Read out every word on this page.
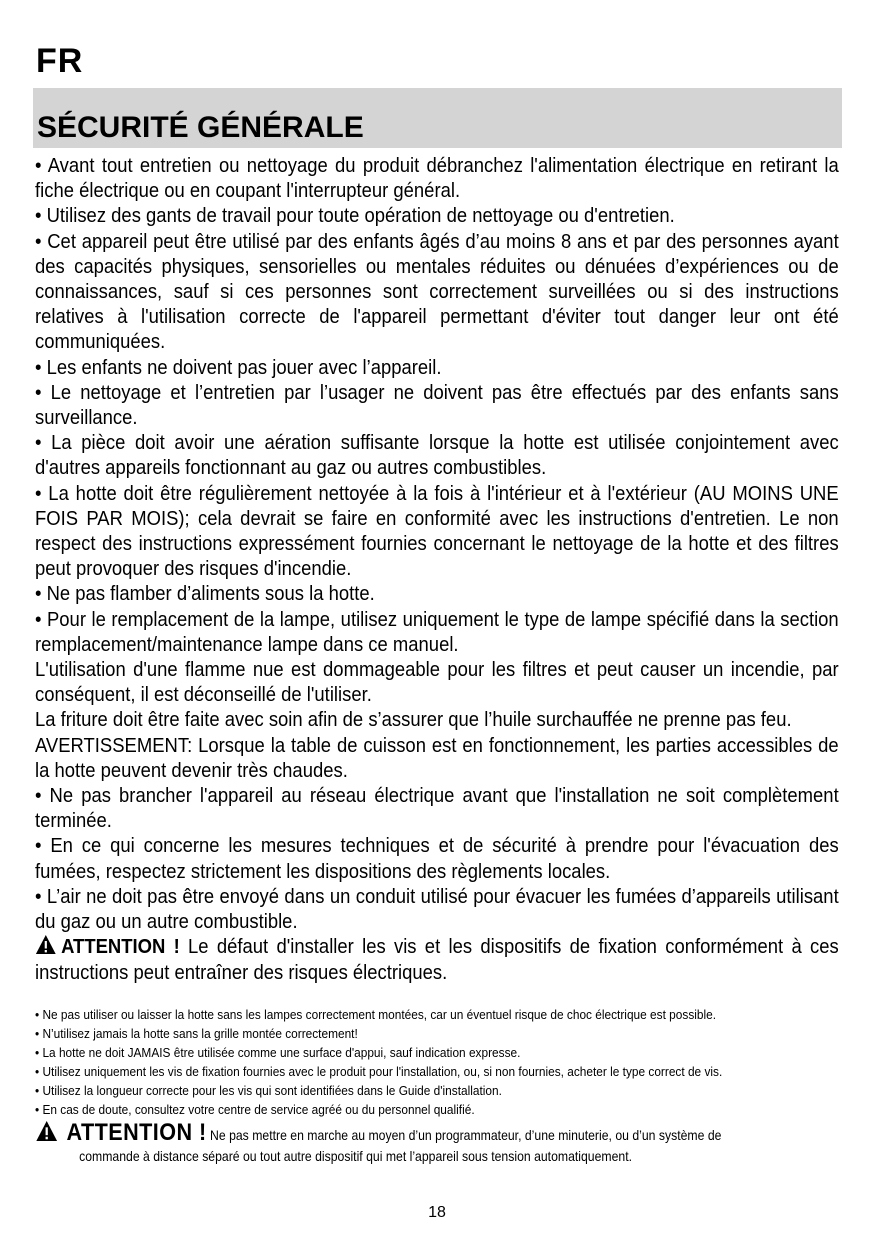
FR
SÉCURITÉ GÉNÉRALE

• Avant tout entretien ou nettoyage du produit débranchez l'alimentation électrique en retirant la fiche électrique ou en coupant l'interrupteur général.

• Utilisez des gants de travail pour toute opération de nettoyage ou d'entretien.

• Cet appareil peut être utilisé par des enfants âgés d’au moins 8 ans et par des personnes ayant des capacités physiques, sensorielles ou mentales réduites ou dénuées d’expériences ou de connaissances, sauf si ces personnes sont correctement surveillées ou si des instructions relatives à l'utilisation correcte de l'appareil permettant d'éviter tout danger leur ont été communiquées.

• Les enfants ne doivent pas jouer avec l’appareil.

• Le nettoyage et l’entretien par l’usager ne doivent pas être effectués par des enfants sans surveillance.

• La pièce doit avoir une aération suffisante lorsque la hotte est utilisée conjointement avec d'autres appareils fonctionnant au gaz ou autres combustibles.

• La hotte doit être régulièrement nettoyée à la fois à l'intérieur et à l'extérieur (AU MOINS UNE FOIS PAR MOIS); cela devrait se faire en conformité avec les instructions d'entretien. Le non respect des instructions expressément fournies concernant le nettoyage de la hotte et des filtres peut provoquer des risques d'incendie.

• Ne pas flamber d’aliments sous la hotte.

• Pour le remplacement de la lampe, utilisez uniquement le type de lampe spécifié dans la section remplacement/maintenance lampe dans ce manuel.

L'utilisation d'une flamme nue est dommageable pour les filtres et peut causer un incendie, par conséquent, il est déconseillé de l'utiliser.

La friture doit être faite avec soin afin de s’assurer que l’huile surchauffée ne prenne pas feu.

AVERTISSEMENT: Lorsque la table de cuisson est en fonctionnement, les parties accessibles de la hotte peuvent devenir très chaudes.

• Ne pas brancher l'appareil au réseau électrique avant que l'installation ne soit complètement terminée.

• En ce qui concerne les mesures techniques et de sécurité à prendre pour l'évacuation des fumées, respectez strictement les dispositions des règlements locales.

• L’air ne doit pas être envoyé dans un conduit utilisé pour évacuer les fumées d’appareils utilisant du gaz ou un autre combustible.

ATTENTION ! Le défaut d'installer les vis et les dispositifs de fixation conformément à ces instructions peut entraîner des risques électriques.

• Ne pas utiliser ou laisser la hotte sans les lampes correctement montées, car un éventuel risque de choc électrique est possible.

• N’utilisez jamais la hotte sans la grille montée correctement!

• La hotte ne doit JAMAIS être utilisée comme une surface d'appui, sauf indication expresse.

• Utilisez uniquement les vis de fixation fournies avec le produit pour l'installation, ou, si non fournies, acheter le type correct de vis.

• Utilisez la longueur correcte pour les vis qui sont identifiées dans le Guide d'installation.

• En cas de doute, consultez votre centre de service agréé ou du personnel qualifié.

ATTENTION ! Ne pas mettre en marche au moyen d’un programmateur, d’une minuterie, ou d’un système de
commande à distance séparé ou tout autre dispositif qui met l’appareil sous tension automatiquement.
18
